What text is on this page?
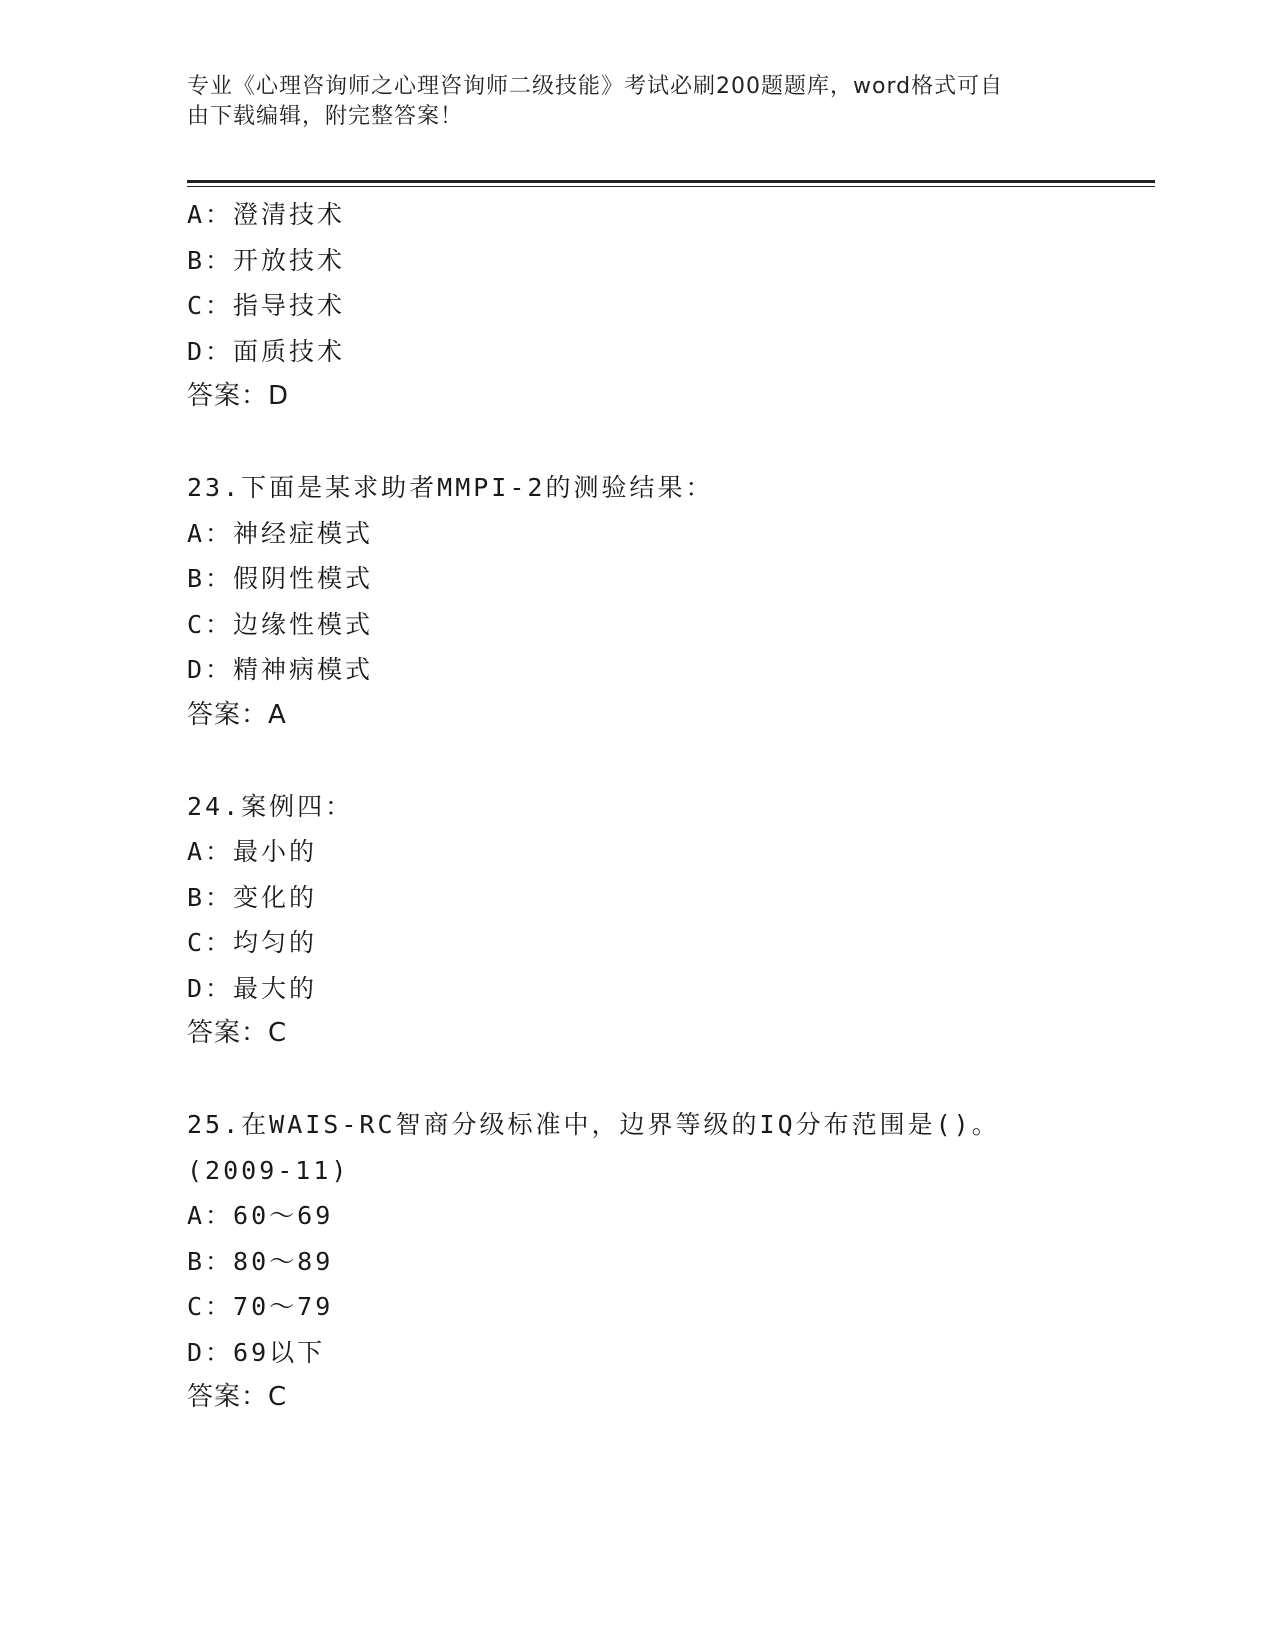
专业《心理咨询师之心理咨询师二级技能》考试必刷200题题库，word格式可自
由下载编辑，附完整答案！
A：澄清技术
B：开放技术
C：指导技术
D：面质技术
答案：D
23.下面是某求助者MMPI-2的测验结果：
A：神经症模式
B：假阴性模式
C：边缘性模式
D：精神病模式
答案：A
24.案例四：
A：最小的
B：变化的
C：均匀的
D：最大的
答案：C
25.在WAIS-RC智商分级标准中，边界等级的IQ分布范围是()。
(2009-11)
A：60～69
B：80～89
C：70～79
D：69以下
答案：C
